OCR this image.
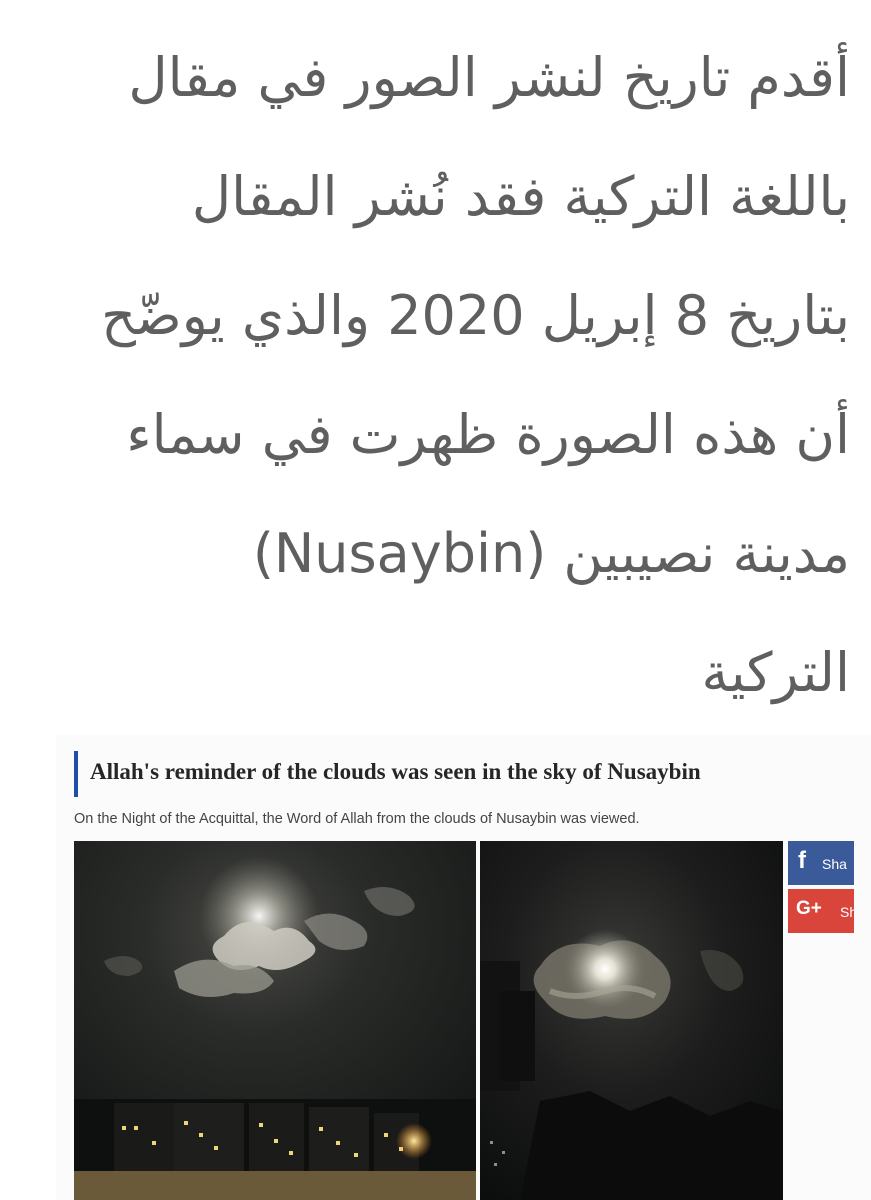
أقدم تاريخ لنشر الصور في مقال
باللغة التركية فقد نُشر المقال
بتاريخ 8 إبريل 2020 والذي يوضّح
أن هذه الصورة ظهرت في سماء
مدينة نصيبين (Nusaybin)
التركية
Allah's reminder of the clouds was seen in the sky of Nusaybin
On the Night of the Acquittal, the Word of Allah from the clouds of Nusaybin was viewed.
f Sha
G+ Sh
